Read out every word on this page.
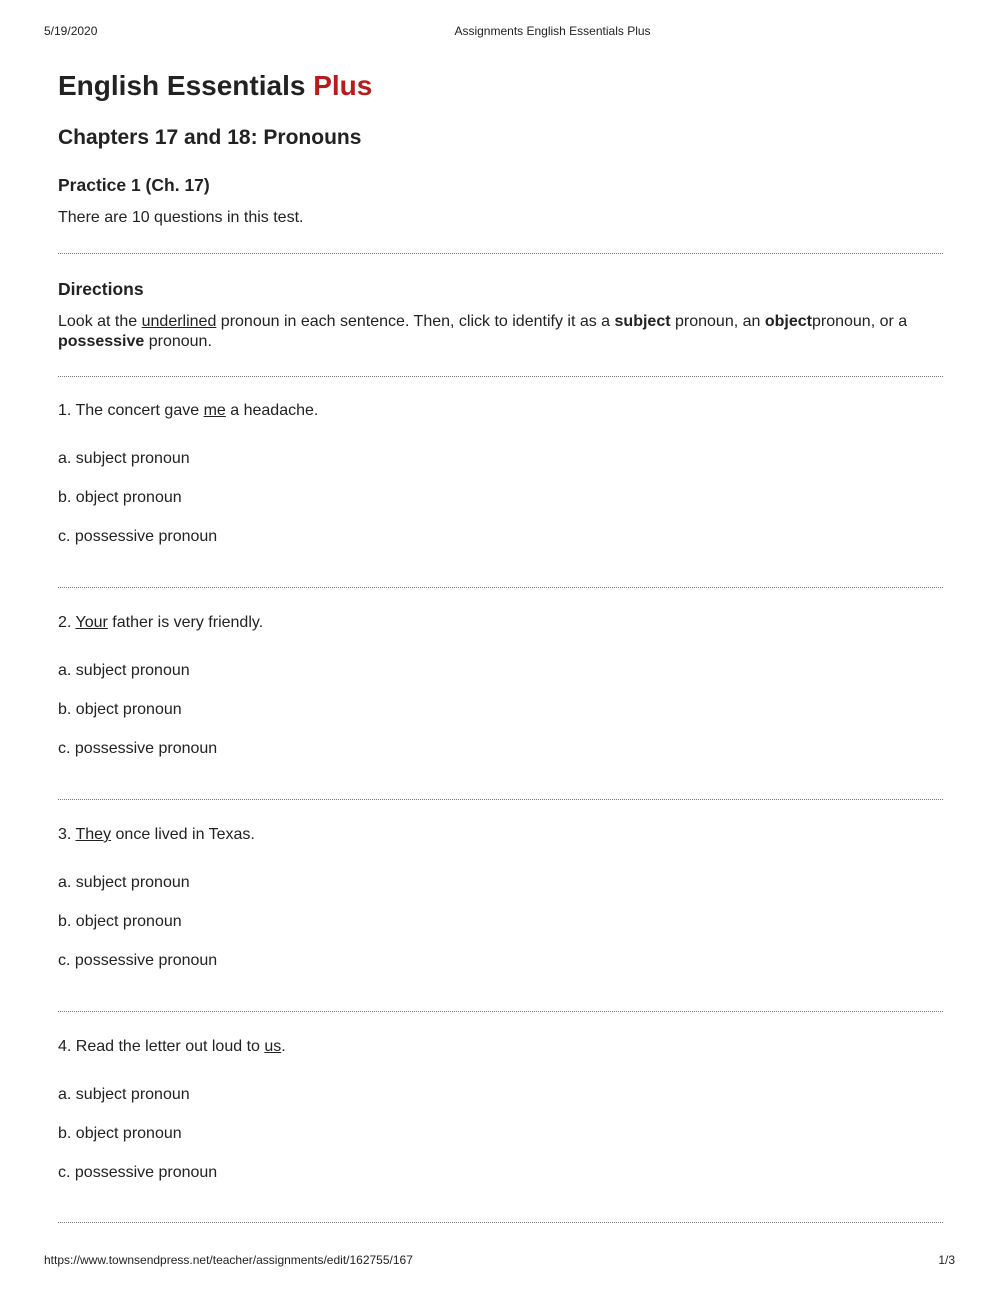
5/19/2020	Assignments English Essentials Plus
English Essentials Plus
Chapters 17 and 18: Pronouns
Practice 1 (Ch. 17)

There are 10 questions in this test.

Directions

Look at the underlined pronoun in each sentence. Then, click to identify it as a subject pronoun, an objectpronoun, or a possessive pronoun.

1. The concert gave me a headache.
a. subject pronoun
b. object pronoun
c. possessive pronoun
2. Your father is very friendly.
a. subject pronoun
b. object pronoun
c. possessive pronoun
3. They once lived in Texas.
a. subject pronoun
b. object pronoun
c. possessive pronoun
4. Read the letter out loud to us.
a. subject pronoun
b. object pronoun
c. possessive pronoun
https://www.townsendpress.net/teacher/assignments/edit/162755/167	1/3
